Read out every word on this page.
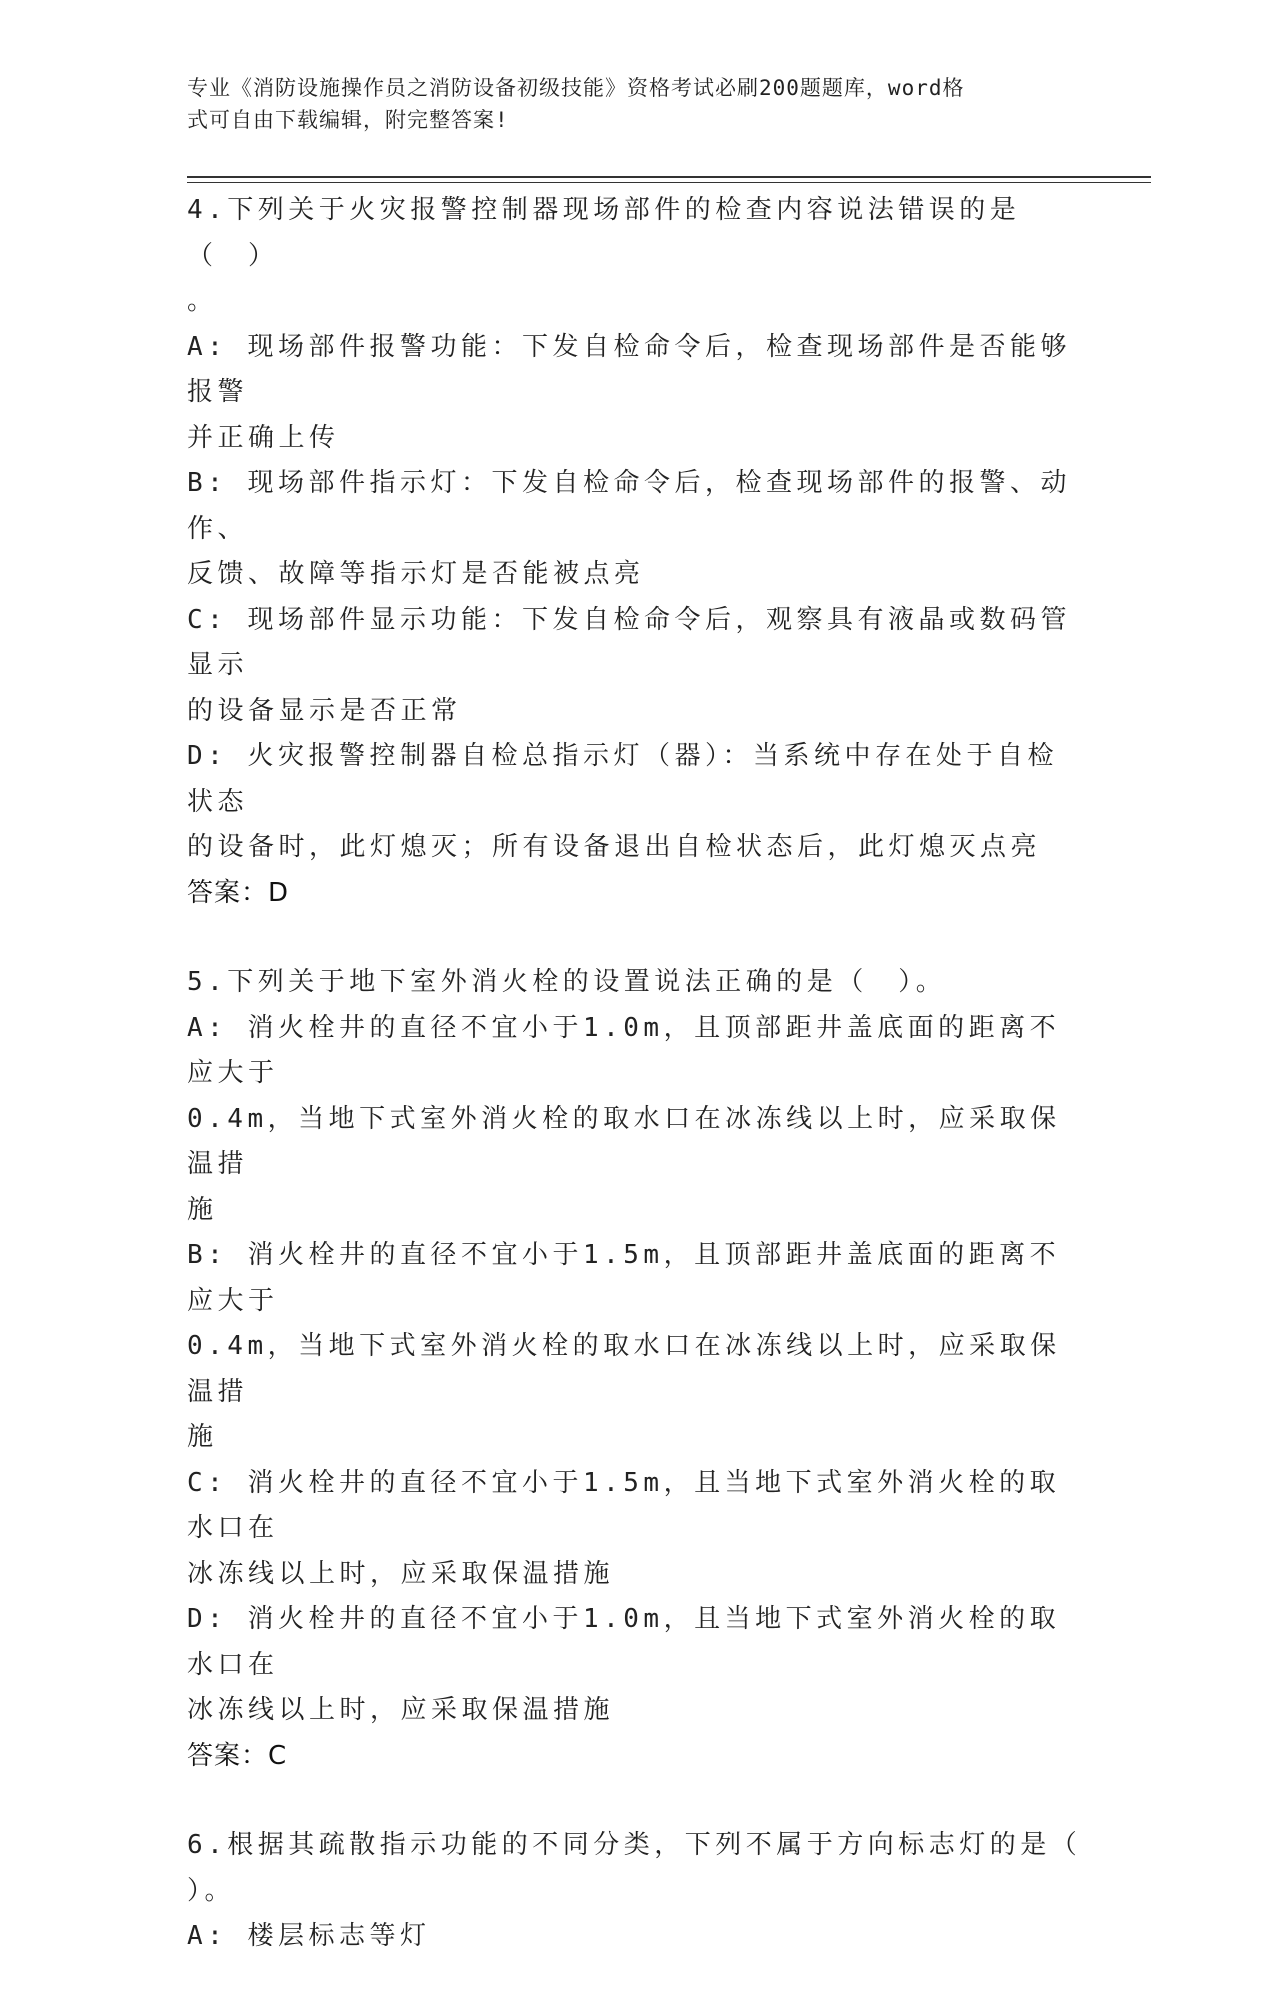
专业《消防设施操作员之消防设备初级技能》资格考试必刷200题题库，word格
式可自由下载编辑，附完整答案!
4.下列关于火灾报警控制器现场部件的检查内容说法错误的是（　）
。
A: 现场部件报警功能：下发自检命令后，检查现场部件是否能够报警
并正确上传
B: 现场部件指示灯：下发自检命令后，检查现场部件的报警、动作、
反馈、故障等指示灯是否能被点亮
C: 现场部件显示功能：下发自检命令后，观察具有液晶或数码管显示
的设备显示是否正常
D: 火灾报警控制器自检总指示灯（器）：当系统中存在处于自检状态
的设备时，此灯熄灭；所有设备退出自检状态后，此灯熄灭点亮
答案：D
5.下列关于地下室外消火栓的设置说法正确的是（　）。
A: 消火栓井的直径不宜小于1.0m，且顶部距井盖底面的距离不应大于
0.4m，当地下式室外消火栓的取水口在冰冻线以上时，应采取保温措
施
B: 消火栓井的直径不宜小于1.5m，且顶部距井盖底面的距离不应大于
0.4m，当地下式室外消火栓的取水口在冰冻线以上时，应采取保温措
施
C: 消火栓井的直径不宜小于1.5m，且当地下式室外消火栓的取水口在
冰冻线以上时，应采取保温措施
D: 消火栓井的直径不宜小于1.0m，且当地下式室外消火栓的取水口在
冰冻线以上时，应采取保温措施
答案：C
6.根据其疏散指示功能的不同分类，下列不属于方向标志灯的是（
）。
A: 楼层标志等灯
